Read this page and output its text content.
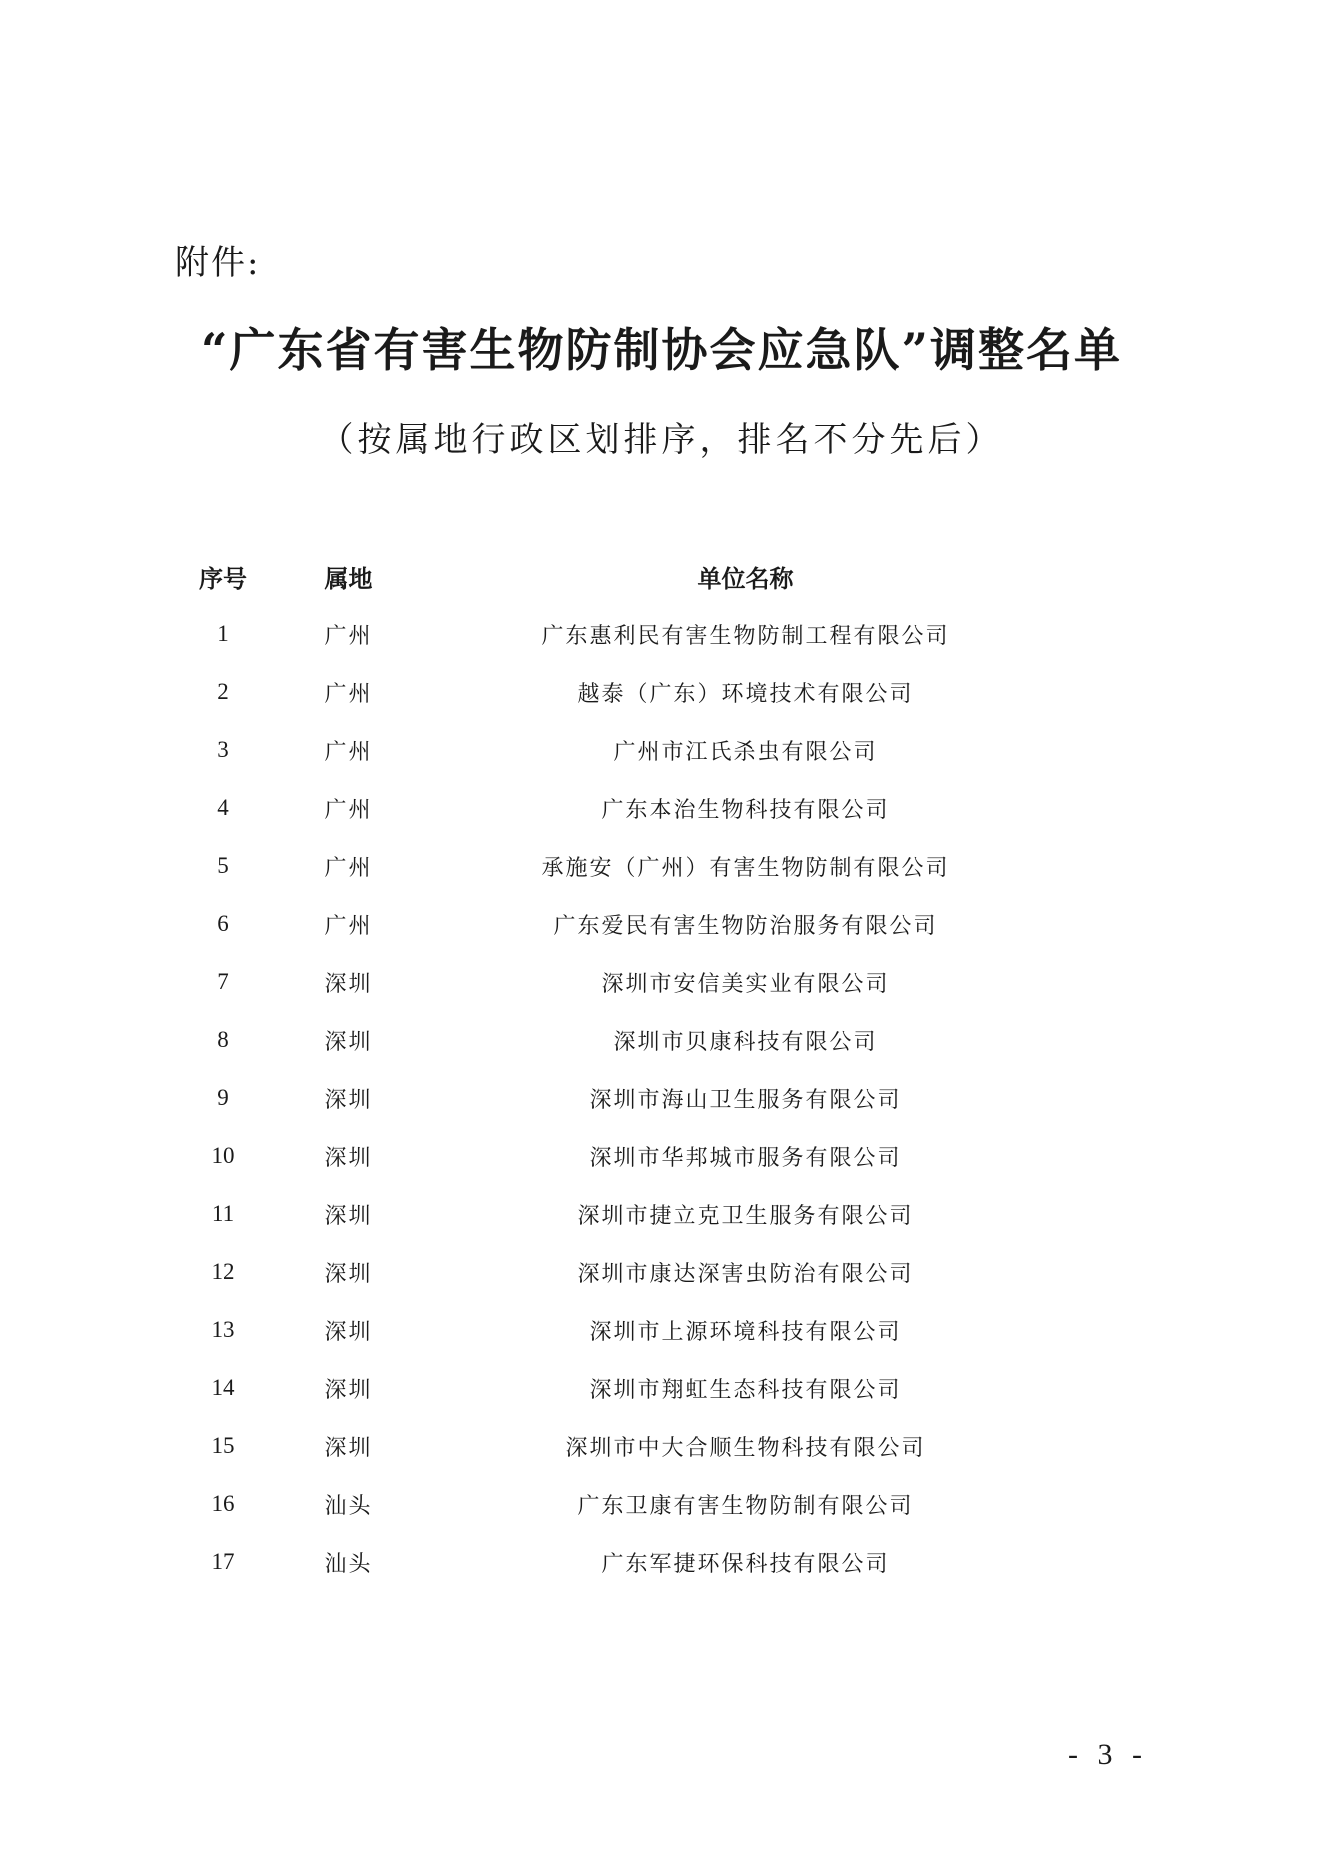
附件:
“广东省有害生物防制协会应急队”调整名单
（按属地行政区划排序，排名不分先后）
序号	属地	单位名称
1	广州	广东惠利民有害生物防制工程有限公司
2	广州	越泰（广东）环境技术有限公司
3	广州	广州市江氏杀虫有限公司
4	广州	广东本治生物科技有限公司
5	广州	承施安（广州）有害生物防制有限公司
6	广州	广东爱民有害生物防治服务有限公司
7	深圳	深圳市安信美实业有限公司
8	深圳	深圳市贝康科技有限公司
9	深圳	深圳市海山卫生服务有限公司
10	深圳	深圳市华邦城市服务有限公司
11	深圳	深圳市捷立克卫生服务有限公司
12	深圳	深圳市康达深害虫防治有限公司
13	深圳	深圳市上源环境科技有限公司
14	深圳	深圳市翔虹生态科技有限公司
15	深圳	深圳市中大合顺生物科技有限公司
16	汕头	广东卫康有害生物防制有限公司
17	汕头	广东军捷环保科技有限公司
- 3 -
